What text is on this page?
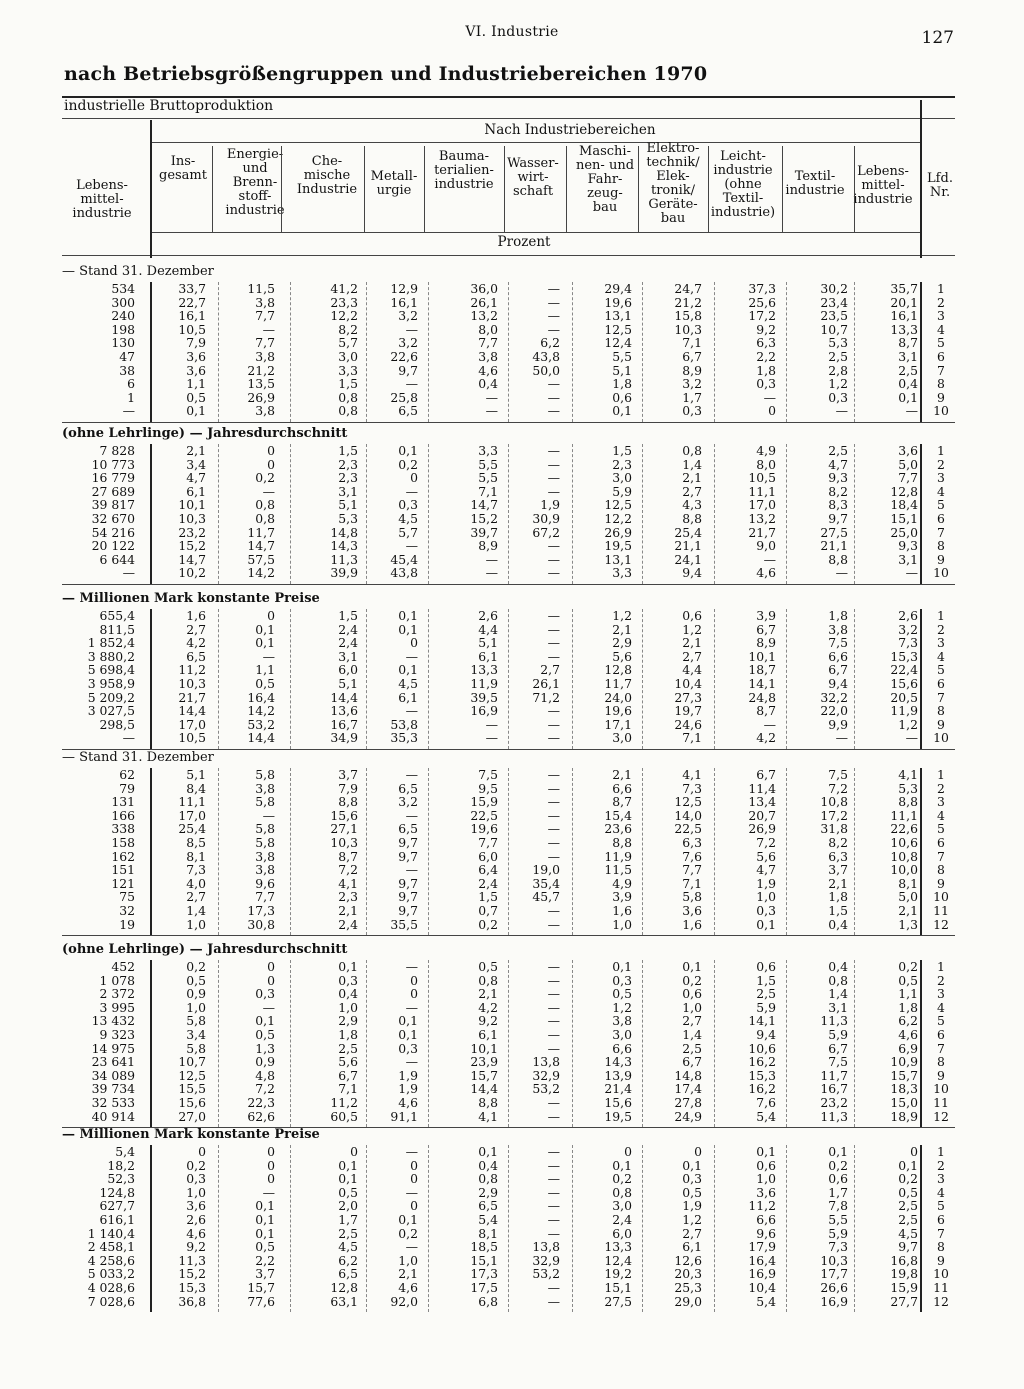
VI. Industrie	127
nach Betriebsgrößengruppen und Industriebereichen 1970
industrielle Bruttoproduktion
Nach Industriebereichen
Prozent
Lebens-
mittel-
industrie
Ins-
gesamt
Energie-
und
Brenn-
stoff-
industrie
Che-
mische
Industrie
Metall-
urgie
Bauma-
terialien-
industrie
Wasser-
wirt-
schaft
Maschi-
nen- und
Fahr-
zeug-
bau
Elektro-
technik/
Elek-
tronik/
Geräte-
bau
Leicht-
industrie
(ohne
Textil-
industrie)
Textil-
industrie
Lebens-
mittel-
industrie
Lfd.
Nr.
— Stand 31. Dezember
534	33,7	11,5	41,2	12,9	36,0	—	29,4	24,7	37,3	30,2	35,7	1
300	22,7	3,8	23,3	16,1	26,1	—	19,6	21,2	25,6	23,4	20,1	2
240	16,1	7,7	12,2	3,2	13,2	—	13,1	15,8	17,2	23,5	16,1	3
198	10,5	—	8,2	—	8,0	—	12,5	10,3	9,2	10,7	13,3	4
130	7,9	7,7	5,7	3,2	7,7	6,2	12,4	7,1	6,3	5,3	8,7	5
47	3,6	3,8	3,0	22,6	3,8	43,8	5,5	6,7	2,2	2,5	3,1	6
38	3,6	21,2	3,3	9,7	4,6	50,0	5,1	8,9	1,8	2,8	2,5	7
6	1,1	13,5	1,5	—	0,4	—	1,8	3,2	0,3	1,2	0,4	8
1	0,5	26,9	0,8	25,8	—	—	0,6	1,7	—	0,3	0,1	9
—	0,1	3,8	0,8	6,5	—	—	0,1	0,3	0	—	—	10
(ohne Lehrlinge) — Jahresdurchschnitt
7 828	2,1	0	1,5	0,1	3,3	—	1,5	0,8	4,9	2,5	3,6	1
10 773	3,4	0	2,3	0,2	5,5	—	2,3	1,4	8,0	4,7	5,0	2
16 779	4,7	0,2	2,3	0	5,5	—	3,0	2,1	10,5	9,3	7,7	3
27 689	6,1	—	3,1	—	7,1	—	5,9	2,7	11,1	8,2	12,8	4
39 817	10,1	0,8	5,1	0,3	14,7	1,9	12,5	4,3	17,0	8,3	18,4	5
32 670	10,3	0,8	5,3	4,5	15,2	30,9	12,2	8,8	13,2	9,7	15,1	6
54 216	23,2	11,7	14,8	5,7	39,7	67,2	26,9	25,4	21,7	27,5	25,0	7
20 122	15,2	14,7	14,3	—	8,9	—	19,5	21,1	9,0	21,1	9,3	8
6 644	14,7	57,5	11,3	45,4	—	—	13,1	24,1	—	8,8	3,1	9
—	10,2	14,2	39,9	43,8	—	—	3,3	9,4	4,6	—	—	10
— Millionen Mark konstante Preise
655,4	1,6	0	1,5	0,1	2,6	—	1,2	0,6	3,9	1,8	2,6	1
811,5	2,7	0,1	2,4	0,1	4,4	—	2,1	1,2	6,7	3,8	3,2	2
1 852,4	4,2	0,1	2,4	0	5,1	—	2,9	2,1	8,9	7,5	7,3	3
3 880,2	6,5	—	3,1	—	6,1	—	5,6	2,7	10,1	6,6	15,3	4
5 698,4	11,2	1,1	6,0	0,1	13,3	2,7	12,8	4,4	18,7	6,7	22,4	5
3 958,9	10,3	0,5	5,1	4,5	11,9	26,1	11,7	10,4	14,1	9,4	15,6	6
5 209,2	21,7	16,4	14,4	6,1	39,5	71,2	24,0	27,3	24,8	32,2	20,5	7
3 027,5	14,4	14,2	13,6	—	16,9	—	19,6	19,7	8,7	22,0	11,9	8
298,5	17,0	53,2	16,7	53,8	—	—	17,1	24,6	—	9,9	1,2	9
—	10,5	14,4	34,9	35,3	—	—	3,0	7,1	4,2	—	—	10
— Stand 31. Dezember
62	5,1	5,8	3,7	—	7,5	—	2,1	4,1	6,7	7,5	4,1	1
79	8,4	3,8	7,9	6,5	9,5	—	6,6	7,3	11,4	7,2	5,3	2
131	11,1	5,8	8,8	3,2	15,9	—	8,7	12,5	13,4	10,8	8,8	3
166	17,0	—	15,6	—	22,5	—	15,4	14,0	20,7	17,2	11,1	4
338	25,4	5,8	27,1	6,5	19,6	—	23,6	22,5	26,9	31,8	22,6	5
158	8,5	5,8	10,3	9,7	7,7	—	8,8	6,3	7,2	8,2	10,6	6
162	8,1	3,8	8,7	9,7	6,0	—	11,9	7,6	5,6	6,3	10,8	7
151	7,3	3,8	7,2	—	6,4	19,0	11,5	7,7	4,7	3,7	10,0	8
121	4,0	9,6	4,1	9,7	2,4	35,4	4,9	7,1	1,9	2,1	8,1	9
75	2,7	7,7	2,3	9,7	1,5	45,7	3,9	5,8	1,0	1,8	5,0	10
32	1,4	17,3	2,1	9,7	0,7	—	1,6	3,6	0,3	1,5	2,1	11
19	1,0	30,8	2,4	35,5	0,2	—	1,0	1,6	0,1	0,4	1,3	12
(ohne Lehrlinge) — Jahresdurchschnitt
452	0,2	0	0,1	—	0,5	—	0,1	0,1	0,6	0,4	0,2	1
1 078	0,5	0	0,3	0	0,8	—	0,3	0,2	1,5	0,8	0,5	2
2 372	0,9	0,3	0,4	0	2,1	—	0,5	0,6	2,5	1,4	1,1	3
3 995	1,0	—	1,0	—	4,2	—	1,2	1,0	5,9	3,1	1,8	4
13 432	5,8	0,1	2,9	0,1	9,2	—	3,8	2,7	14,1	11,3	6,2	5
9 323	3,4	0,5	1,8	0,1	6,1	—	3,0	1,4	9,4	5,9	4,6	6
14 975	5,8	1,3	2,5	0,3	10,1	—	6,6	2,5	10,6	6,7	6,9	7
23 641	10,7	0,9	5,6	—	23,9	13,8	14,3	6,7	16,2	7,5	10,9	8
34 089	12,5	4,8	6,7	1,9	15,7	32,9	13,9	14,8	15,3	11,7	15,7	9
39 734	15,5	7,2	7,1	1,9	14,4	53,2	21,4	17,4	16,2	16,7	18,3	10
32 533	15,6	22,3	11,2	4,6	8,8	—	15,6	27,8	7,6	23,2	15,0	11
40 914	27,0	62,6	60,5	91,1	4,1	—	19,5	24,9	5,4	11,3	18,9	12
— Millionen Mark konstante Preise
5,4	0	0	0	—	0,1	—	0	0	0,1	0,1	0	1
18,2	0,2	0	0,1	0	0,4	—	0,1	0,1	0,6	0,2	0,1	2
52,3	0,3	0	0,1	0	0,8	—	0,2	0,3	1,0	0,6	0,2	3
124,8	1,0	—	0,5	—	2,9	—	0,8	0,5	3,6	1,7	0,5	4
627,7	3,6	0,1	2,0	0	6,5	—	3,0	1,9	11,2	7,8	2,5	5
616,1	2,6	0,1	1,7	0,1	5,4	—	2,4	1,2	6,6	5,5	2,5	6
1 140,4	4,6	0,1	2,5	0,2	8,1	—	6,0	2,7	9,6	5,9	4,5	7
2 458,1	9,2	0,5	4,5	—	18,5	13,8	13,3	6,1	17,9	7,3	9,7	8
4 258,6	11,3	2,2	6,2	1,0	15,1	32,9	12,4	12,6	16,4	10,3	16,8	9
5 033,2	15,2	3,7	6,5	2,1	17,3	53,2	19,2	20,3	16,9	17,7	19,8	10
4 028,6	15,3	15,7	12,8	4,6	17,5	—	15,1	25,3	10,4	26,6	15,9	11
7 028,6	36,8	77,6	63,1	92,0	6,8	—	27,5	29,0	5,4	16,9	27,7	12
